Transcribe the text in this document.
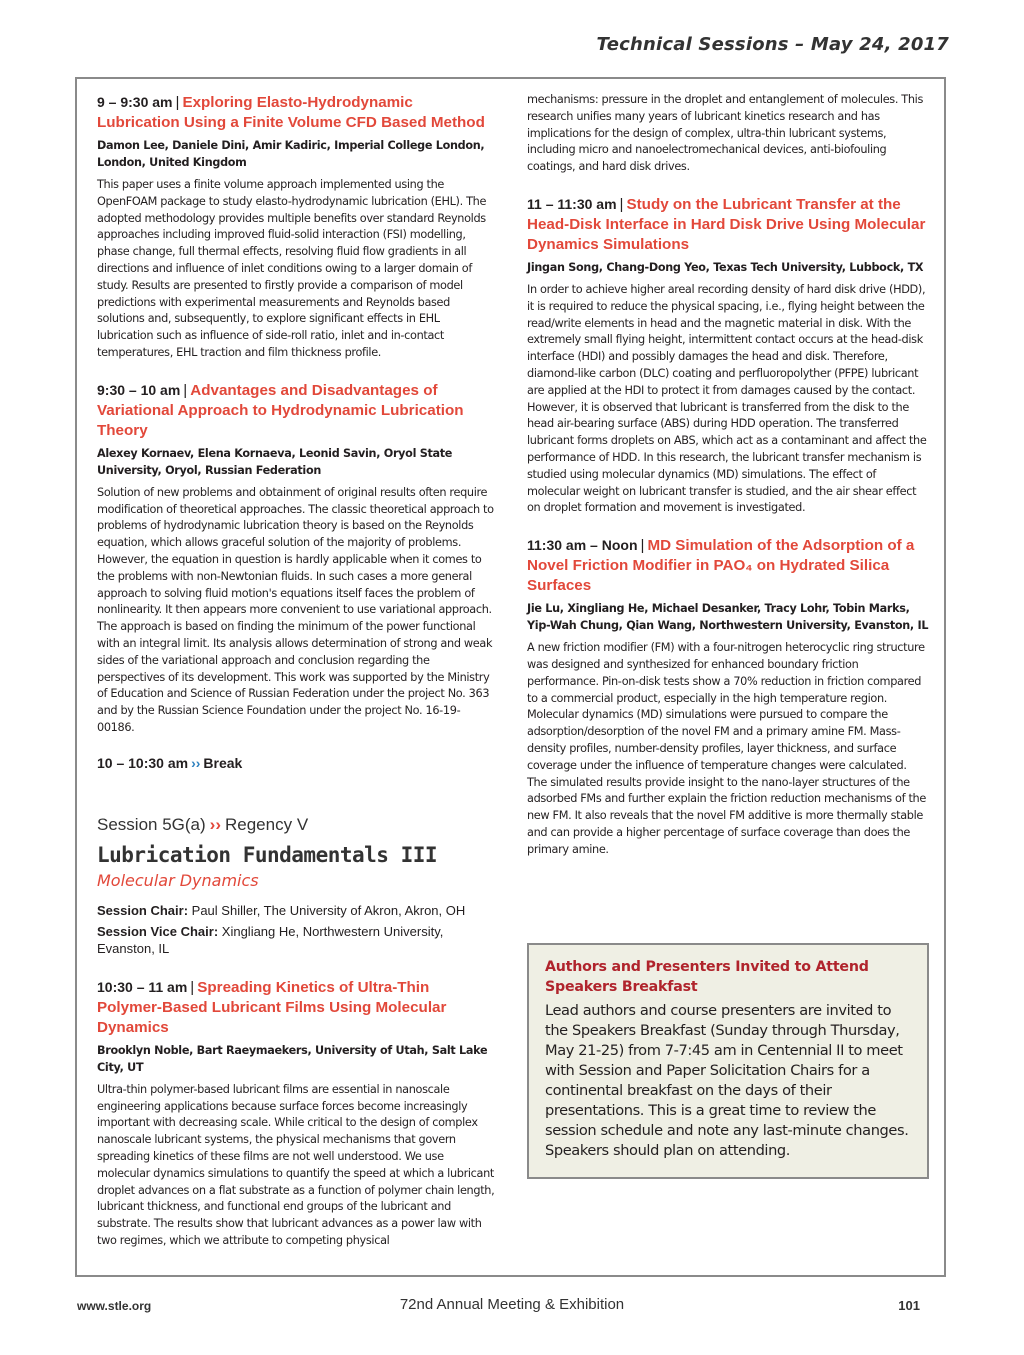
Technical Sessions – May 24, 2017

9 – 9:30 am | Exploring Elasto-Hydrodynamic Lubrication Using a Finite Volume CFD Based Method

Damon Lee, Daniele Dini, Amir Kadiric, Imperial College London, London, United Kingdom

This paper uses a finite volume approach implemented using the OpenFOAM package to study elasto-hydrodynamic lubrication (EHL). The adopted methodology provides multiple benefits over standard Reynolds approaches including improved fluid-solid interaction (FSI) modelling, phase change, full thermal effects, resolving fluid flow gradients in all directions and influence of inlet conditions owing to a larger domain of study. Results are presented to firstly provide a comparison of model predictions with experimental measurements and Reynolds based solutions and, subsequently, to explore significant effects in EHL lubrication such as influence of side-roll ratio, inlet and in-contact temperatures, EHL traction and film thickness profile.

9:30 – 10 am | Advantages and Disadvantages of Variational Approach to Hydrodynamic Lubrication Theory

Alexey Kornaev, Elena Kornaeva, Leonid Savin, Oryol State University, Oryol, Russian Federation

Solution of new problems and obtainment of original results often require modification of theoretical approaches. The classic theoretical approach to problems of hydrodynamic lubrication theory is based on the Reynolds equation, which allows graceful solution of the majority of problems. However, the equation in question is hardly applicable when it comes to the problems with non-Newtonian fluids. In such cases a more general approach to solving fluid motion's equations itself faces the problem of nonlinearity. It then appears more convenient to use variational approach. The approach is based on finding the minimum of the power functional with an integral limit. Its analysis allows determination of strong and weak sides of the variational approach and conclusion regarding the perspectives of its development. This work was supported by the Ministry of Education and Science of Russian Federation under the project No. 363 and by the Russian Science Foundation under the project No. 16-19-00186.

10 – 10:30 am ›› Break

Session 5G(a) ›› Regency V

Lubrication Fundamentals III

Molecular Dynamics

Session Chair: Paul Shiller, The University of Akron, Akron, OH

Session Vice Chair: Xingliang He, Northwestern University, Evanston, IL

10:30 – 11 am | Spreading Kinetics of Ultra-Thin Polymer-Based Lubricant Films Using Molecular Dynamics

Brooklyn Noble, Bart Raeymaekers, University of Utah, Salt Lake City, UT

Ultra-thin polymer-based lubricant films are essential in nanoscale engineering applications because surface forces become increasingly important with decreasing scale. While critical to the design of complex nanoscale lubricant systems, the physical mechanisms that govern spreading kinetics of these films are not well understood. We use molecular dynamics simulations to quantify the speed at which a lubricant droplet advances on a flat substrate as a function of polymer chain length, lubricant thickness, and functional end groups of the lubricant and substrate. The results show that lubricant advances as a power law with two regimes, which we attribute to competing physical

mechanisms: pressure in the droplet and entanglement of molecules. This research unifies many years of lubricant kinetics research and has implications for the design of complex, ultra-thin lubricant systems, including micro and nanoelectromechanical devices, anti-biofouling coatings, and hard disk drives.

11 – 11:30 am | Study on the Lubricant Transfer at the Head-Disk Interface in Hard Disk Drive Using Molecular Dynamics Simulations

Jingan Song, Chang-Dong Yeo, Texas Tech University, Lubbock, TX

In order to achieve higher areal recording density of hard disk drive (HDD), it is required to reduce the physical spacing, i.e., flying height between the read/write elements in head and the magnetic material in disk. With the extremely small flying height, intermittent contact occurs at the head-disk interface (HDI) and possibly damages the head and disk. Therefore, diamond-like carbon (DLC) coating and perfluoropolyther (PFPE) lubricant are applied at the HDI to protect it from damages caused by the contact. However, it is observed that lubricant is transferred from the disk to the head air-bearing surface (ABS) during HDD operation. The transferred lubricant forms droplets on ABS, which act as a contaminant and affect the performance of HDD. In this research, the lubricant transfer mechanism is studied using molecular dynamics (MD) simulations. The effect of molecular weight on lubricant transfer is studied, and the air shear effect on droplet formation and movement is investigated.

11:30 am – Noon | MD Simulation of the Adsorption of a Novel Friction Modifier in PAO₄ on Hydrated Silica Surfaces

Jie Lu, Xingliang He, Michael Desanker, Tracy Lohr, Tobin Marks, Yip-Wah Chung, Qian Wang, Northwestern University, Evanston, IL

A new friction modifier (FM) with a four-nitrogen heterocyclic ring structure was designed and synthesized for enhanced boundary friction performance. Pin-on-disk tests show a 70% reduction in friction compared to a commercial product, especially in the high temperature region. Molecular dynamics (MD) simulations were pursued to compare the adsorption/desorption of the novel FM and a primary amine FM. Mass-density profiles, number-density profiles, layer thickness, and surface coverage under the influence of temperature changes were calculated. The simulated results provide insight to the nano-layer structures of the adsorbed FMs and further explain the friction reduction mechanisms of the new FM. It also reveals that the novel FM additive is more thermally stable and can provide a higher percentage of surface coverage than does the primary amine.

Authors and Presenters Invited to Attend Speakers Breakfast

Lead authors and course presenters are invited to the Speakers Breakfast (Sunday through Thursday, May 21-25) from 7-7:45 am in Centennial II to meet with Session and Paper Solicitation Chairs for a continental breakfast on the days of their presentations. This is a great time to review the session schedule and note any last-minute changes. Speakers should plan on attending.

www.stle.org	72nd Annual Meeting & Exhibition	101
